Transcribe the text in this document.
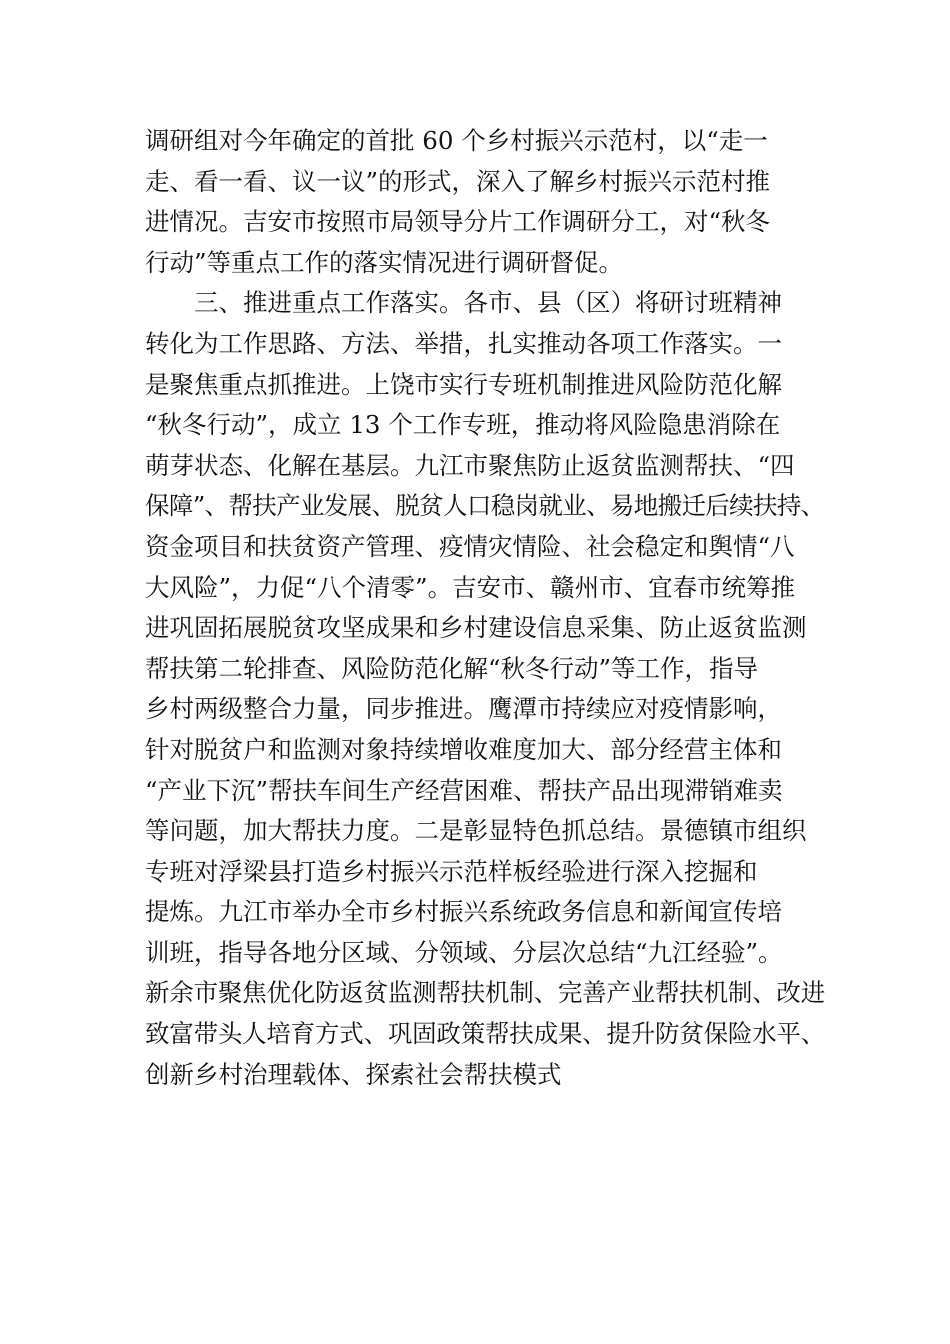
调研组对今年确定的首批 60 个乡村振兴示范村，以“走一
走、看一看、议一议”的形式，深入了解乡村振兴示范村推
进情况。吉安市按照市局领导分片工作调研分工，对“秋冬
行动”等重点工作的落实情况进行调研督促。
三、推进重点工作落实。各市、县（区）将研讨班精神
转化为工作思路、方法、举措，扎实推动各项工作落实。一
是聚焦重点抓推进。上饶市实行专班机制推进风险防范化解
“秋冬行动”，成立 13 个工作专班，推动将风险隐患消除在
萌芽状态、化解在基层。九江市聚焦防止返贫监测帮扶、“四
保障”、帮扶产业发展、脱贫人口稳岗就业、易地搬迁后续扶持、
资金项目和扶贫资产管理、疫情灾情险、社会稳定和舆情“八
大风险”，力促“八个清零”。吉安市、赣州市、宜春市统筹推
进巩固拓展脱贫攻坚成果和乡村建设信息采集、防止返贫监测
帮扶第二轮排查、风险防范化解“秋冬行动”等工作，指导
乡村两级整合力量，同步推进。鹰潭市持续应对疫情影响，
针对脱贫户和监测对象持续增收难度加大、部分经营主体和
“产业下沉”帮扶车间生产经营困难、帮扶产品出现滞销难卖
等问题，加大帮扶力度。二是彰显特色抓总结。景德镇市组织
专班对浮梁县打造乡村振兴示范样板经验进行深入挖掘和
提炼。九江市举办全市乡村振兴系统政务信息和新闻宣传培
训班，指导各地分区域、分领域、分层次总结“九江经验”。
新余市聚焦优化防返贫监测帮扶机制、完善产业帮扶机制、改进
致富带头人培育方式、巩固政策帮扶成果、提升防贫保险水平、
创新乡村治理载体、探索社会帮扶模式
